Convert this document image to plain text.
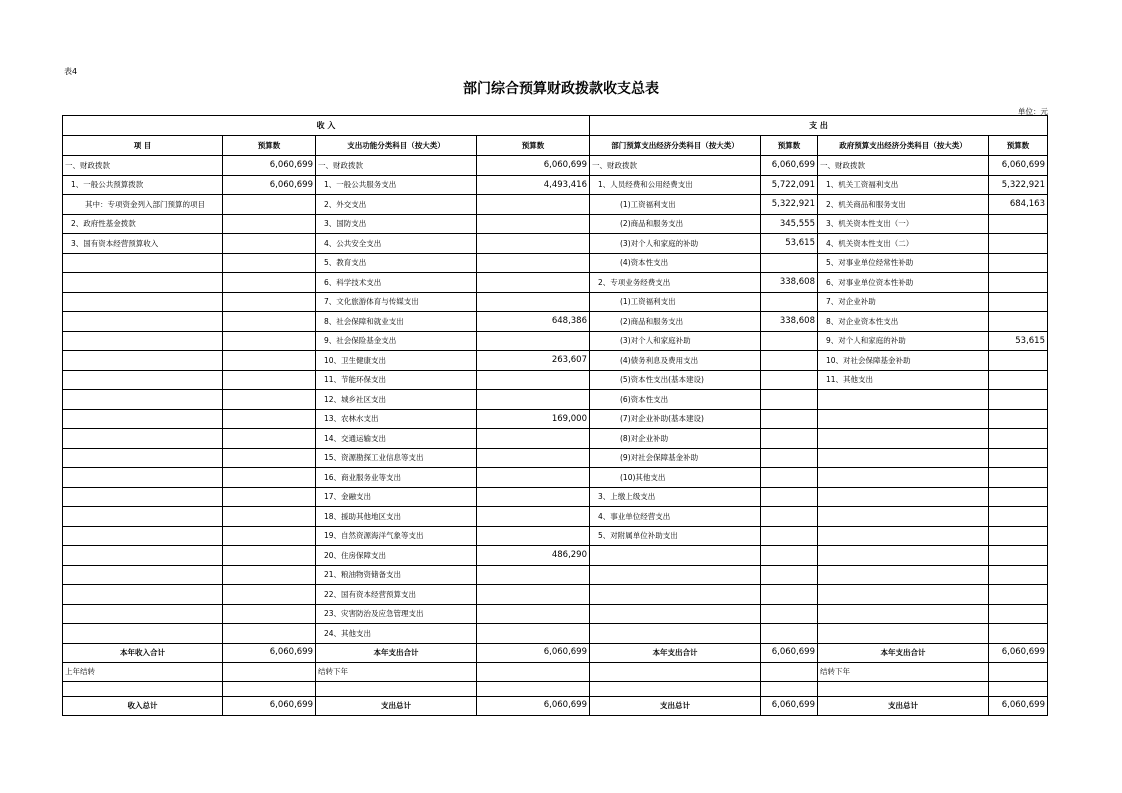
表4
部门综合预算财政拨款收支总表
单位：元
收 入				支 出			
项 目	预算数	支出功能分类科目（按大类）	预算数	部门预算支出经济分类科目（按大类）	预算数	政府预算支出经济分类科目（按大类）	预算数
一、财政拨款	6,060,699	一、财政拨款	6,060,699	一、财政拨款	6,060,699	一、财政拨款	6,060,699
1、一般公共预算拨款	6,060,699	1、一般公共服务支出	4,493,416	1、人员经费和公用经费支出	5,722,091	1、机关工资福利支出	5,322,921
其中：专项资金列入部门预算的项目		2、外交支出		(1)工资福利支出	5,322,921	2、机关商品和服务支出	684,163
2、政府性基金拨款		3、国防支出		(2)商品和服务支出	345,555	3、机关资本性支出（一）	
3、国有资本经营预算收入		4、公共安全支出		(3)对个人和家庭的补助	53,615	4、机关资本性支出（二）	
		5、教育支出		(4)资本性支出		5、对事业单位经常性补助	
		6、科学技术支出		2、专项业务经费支出	338,608	6、对事业单位资本性补助	
		7、文化旅游体育与传媒支出		(1)工资福利支出		7、对企业补助	
		8、社会保障和就业支出	648,386	(2)商品和服务支出	338,608	8、对企业资本性支出	
		9、社会保险基金支出		(3)对个人和家庭补助		9、对个人和家庭的补助	53,615
		10、卫生健康支出	263,607	(4)债务利息及费用支出		10、对社会保障基金补助	
		11、节能环保支出		(5)资本性支出(基本建设)		11、其他支出	
		12、城乡社区支出		(6)资本性支出			
		13、农林水支出	169,000	(7)对企业补助(基本建设)			
		14、交通运输支出		(8)对企业补助			
		15、资源勘探工业信息等支出		(9)对社会保障基金补助			
		16、商业服务业等支出		(10)其他支出			
		17、金融支出		3、上缴上级支出			
		18、援助其他地区支出		4、事业单位经营支出			
		19、自然资源海洋气象等支出		5、对附属单位补助支出			
		20、住房保障支出	486,290				
		21、粮油物资储备支出					
		22、国有资本经营预算支出					
		23、灾害防治及应急管理支出					
		24、其他支出					
本年收入合计	6,060,699	本年支出合计	6,060,699	本年支出合计	6,060,699	本年支出合计	6,060,699
上年结转		结转下年				结转下年	

收入总计	6,060,699	支出总计	6,060,699	支出总计	6,060,699	支出总计	6,060,699
